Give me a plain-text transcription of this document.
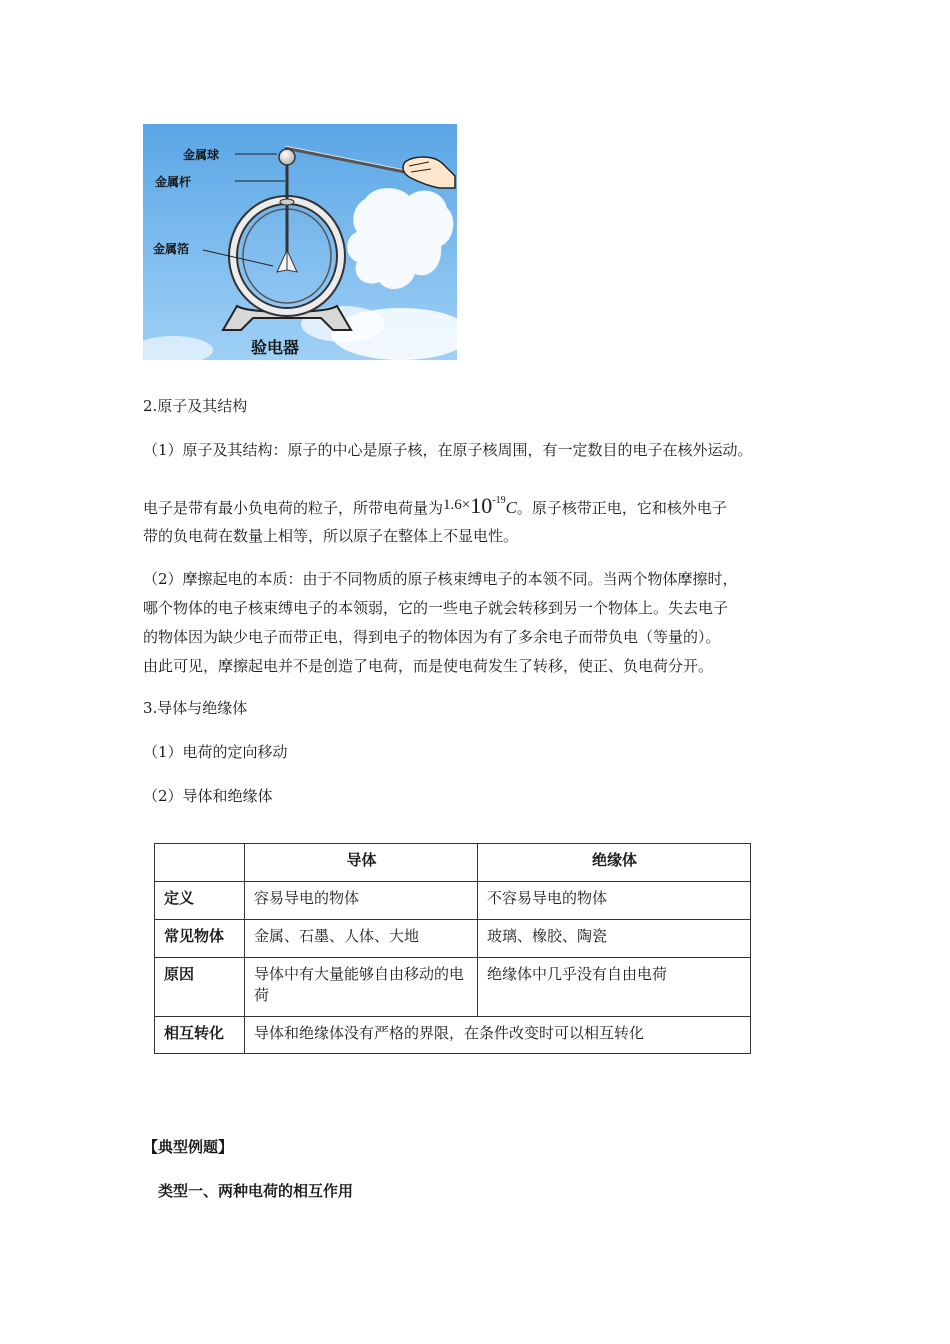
金属球
金属杆
金属箔
验电器
2.原子及其结构
（1）原子及其结构：原子的中心是原子核，在原子核周围，有一定数目的电子在核外运动。
电子是带有最小负电荷的粒子，所带电荷量为$1.6\times 10^{-19}C$。原子核带正电，它和核外电子
带的负电荷在数量上相等，所以原子在整体上不显电性。
（2）摩擦起电的本质：由于不同物质的原子核束缚电子的本领不同。当两个物体摩擦时，
哪个物体的电子核束缚电子的本领弱，它的一些电子就会转移到另一个物体上。失去电子
的物体因为缺少电子而带正电，得到电子的物体因为有了多余电子而带负电（等量的）。
由此可见，摩擦起电并不是创造了电荷，而是使电荷发生了转移，使正、负电荷分开。
3.导体与绝缘体
（1）电荷的定向移动
（2）导体和绝缘体
	导体	绝缘体
定义	容易导电的物体	不容易导电的物体
常见物体	金属、石墨、人体、大地	玻璃、橡胶、陶瓷
原因	导体中有大量能够自由移动的电荷	绝缘体中几乎没有自由电荷
相互转化	导体和绝缘体没有严格的界限，在条件改变时可以相互转化	
【典型例题】
类型一、两种电荷的相互作用
